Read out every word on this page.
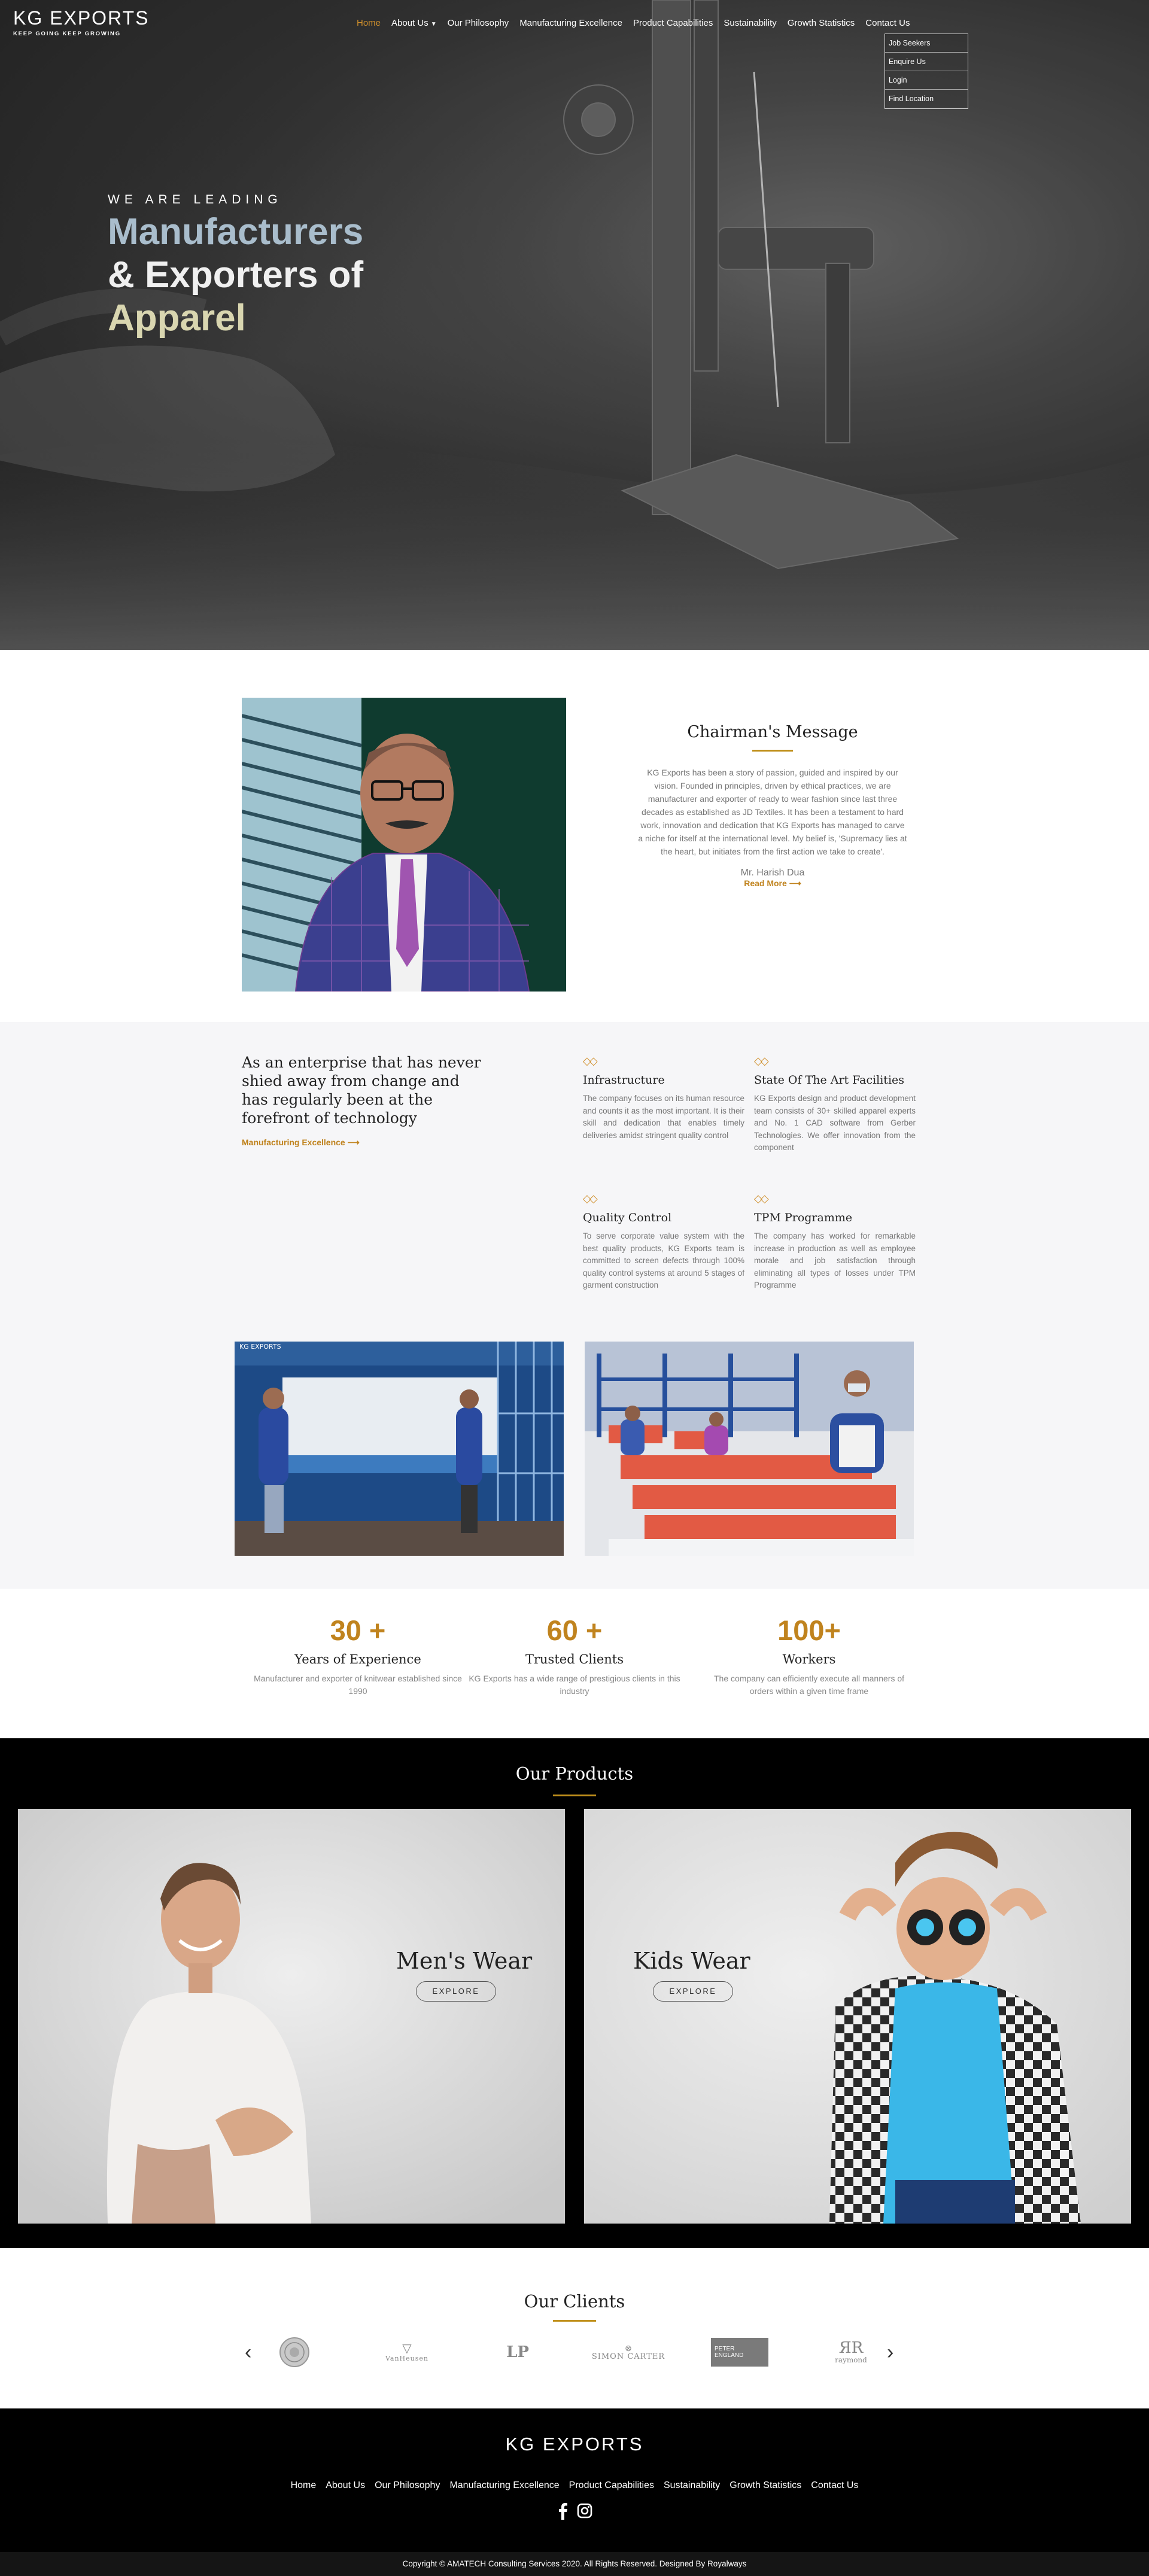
KG EXPORTS
KEEP GOING KEEP GROWING
Home About Us ▼ Our Philosophy Manufacturing Excellence Product Capabilities Sustainability Growth Statistics Contact Us
Job Seekers
Enquire Us
Login
Find Location
WE ARE LEADING
Manufacturers
& Exporters of
Apparel
Chairman's Message

KG Exports has been a story of passion, guided and inspired by our vision. Founded in principles, driven by ethical practices, we are manufacturer and exporter of ready to wear fashion since last three decades as established as JD Textiles. It has been a testament to hard work, innovation and dedication that KG Exports has managed to carve a niche for itself at the international level. My belief is, 'Supremacy lies at the heart, but initiates from the first action we take to create'.

Mr. Harish Dua
Read More ⟶
As an enterprise that has never shied away from change and has regularly been at the forefront of technology
Manufacturing Excellence ⟶
◇◇
Infrastructure

The company focuses on its human resource and counts it as the most important. It is their skill and dedication that enables timely deliveries amidst stringent quality control

◇◇
State Of The Art Facilities

KG Exports design and product development team consists of 30+ skilled apparel experts and No. 1 CAD software from Gerber Technologies. We offer innovation from the component

◇◇
Quality Control

To serve corporate value system with the best quality products, KG Exports team is committed to screen defects through 100% quality control systems at around 5 stages of garment construction

◇◇
TPM Programme

The company has worked for remarkable increase in production as well as employee morale and job satisfaction through eliminating all types of losses under TPM Programme

KG EXPORTS
30 +
Years of Experience
Manufacturer and exporter of knitwear established since 1990
60 +
Trusted Clients
KG Exports has a wide range of prestigious clients in this industry
100+
Workers
The company can efficiently execute all manners of orders within a given time frame
Our Products
Men's Wear
EXPLORE
Kids Wear
EXPLORE
Our Clients
‹	›
▽
VanHeusen	LP	⊗
SIMON CARTER
PETER ENGLAND	ЯR
raymond
KG EXPORTS
Home About Us Our Philosophy Manufacturing Excellence Product Capabilities Sustainability Growth Statistics Contact Us
Copyright © AMATECH Consulting Services 2020. All Rights Reserved. Designed By Royalways
